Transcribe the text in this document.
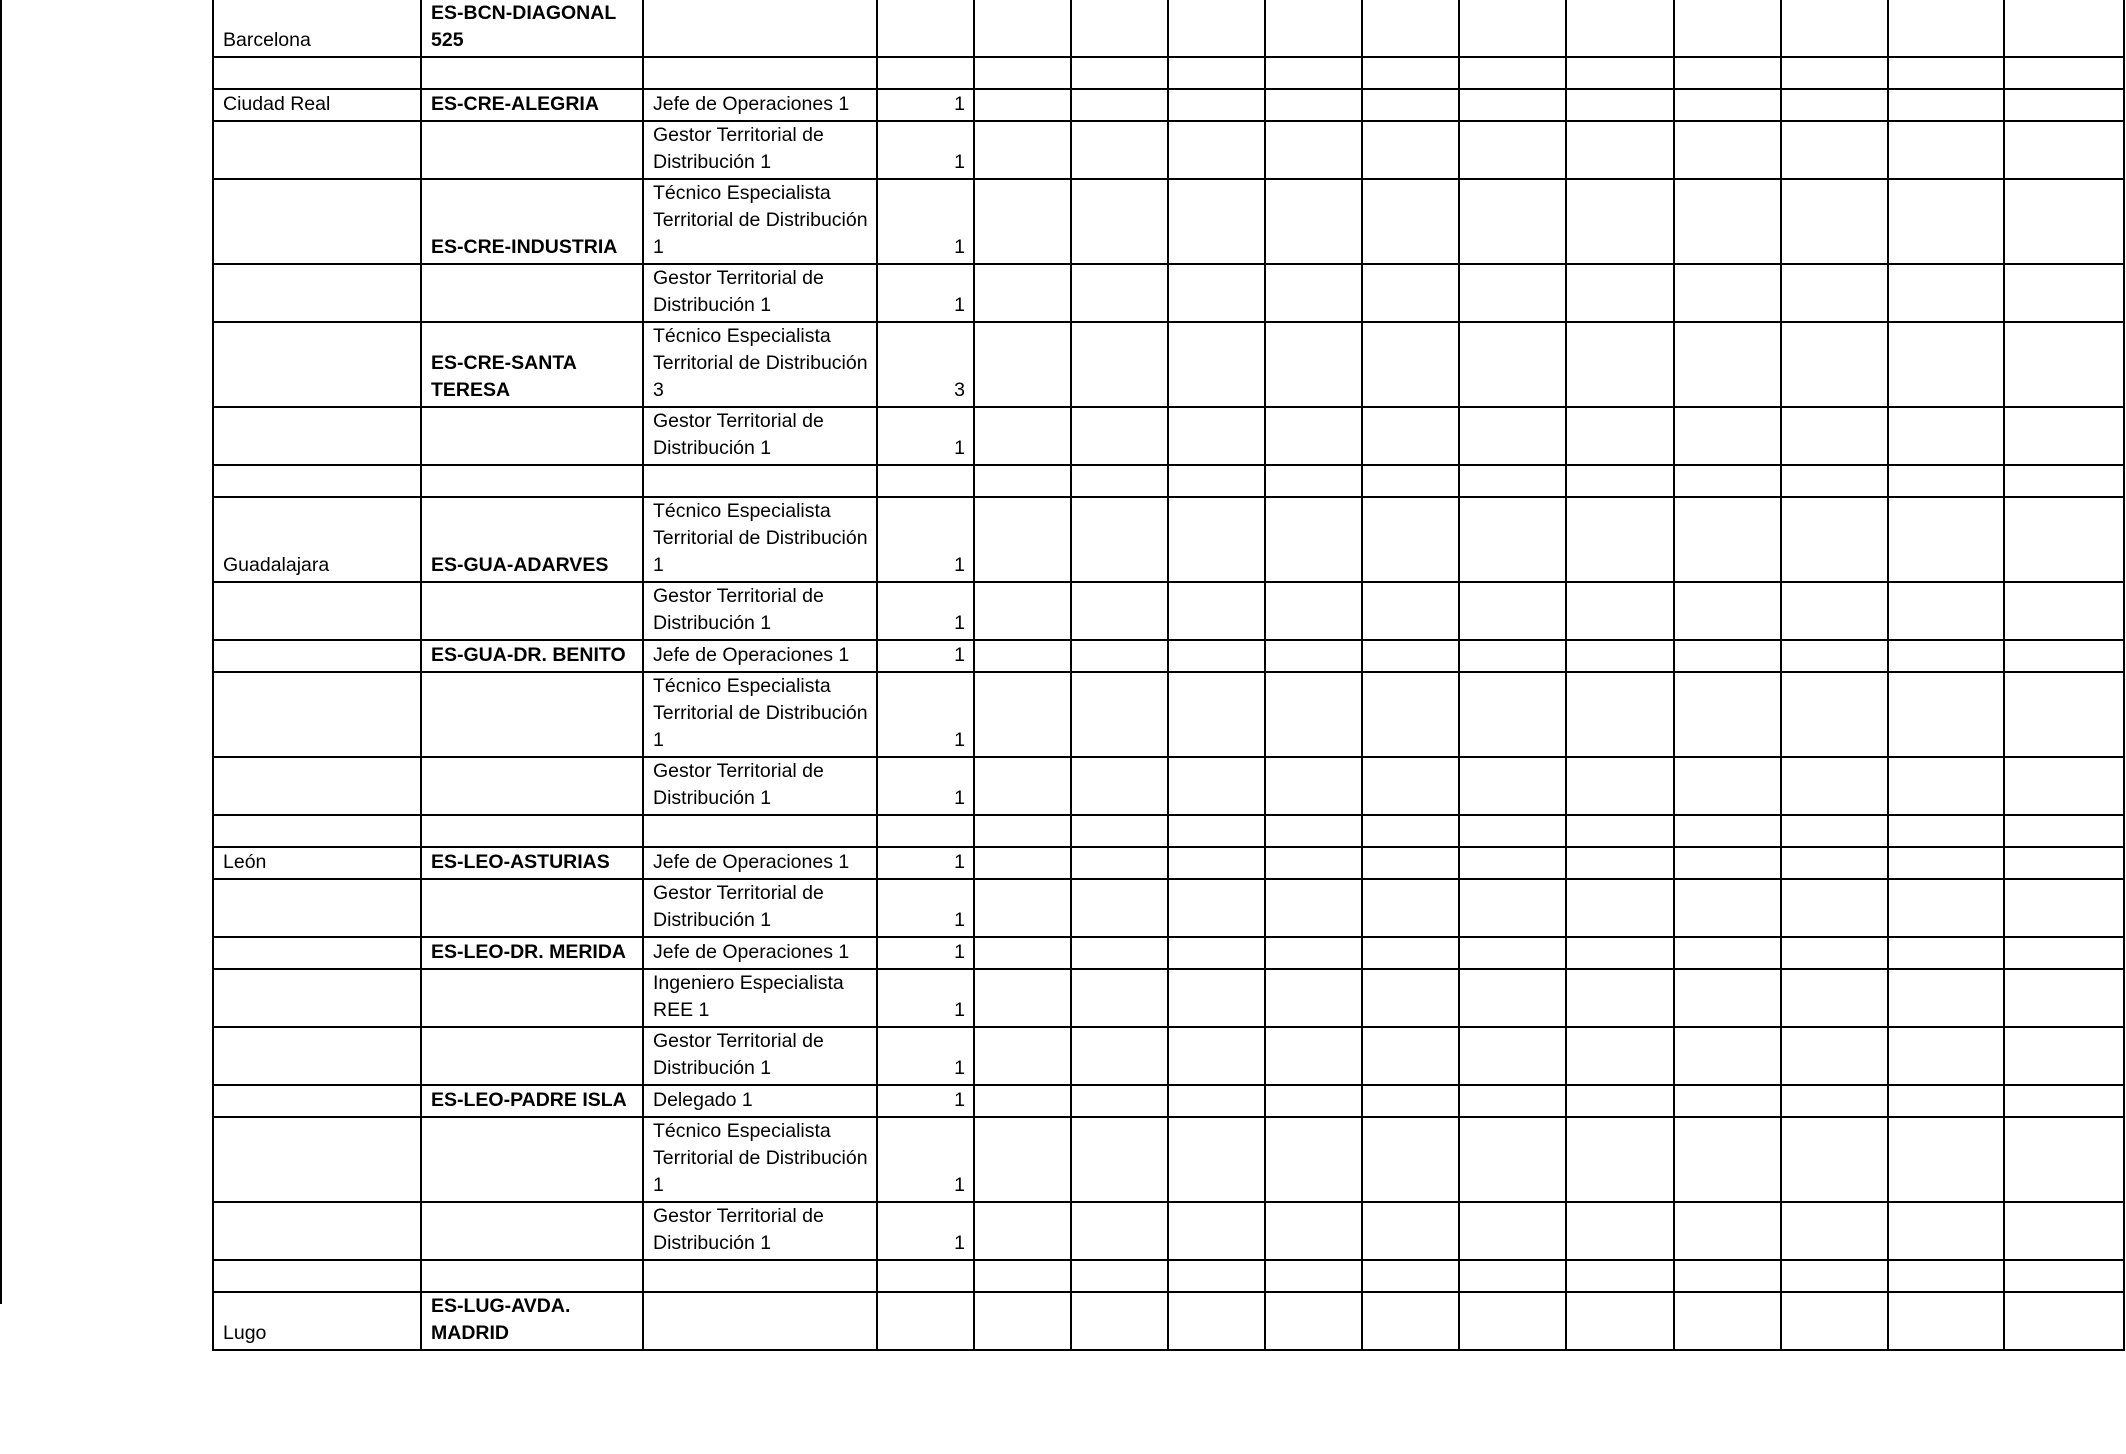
Barcelona	ES-BCN-DIAGONAL 525													

Ciudad Real	ES-CRE-ALEGRIA	Jefe de Operaciones 1	1											
		Gestor Territorial de Distribución 1	1											
	ES-CRE-INDUSTRIA	Técnico Especialista Territorial de Distribución 1	1											
		Gestor Territorial de Distribución 1	1											
	ES-CRE-SANTA TERESA	Técnico Especialista Territorial de Distribución 3	3											
		Gestor Territorial de Distribución 1	1											

Guadalajara	ES-GUA-ADARVES	Técnico Especialista Territorial de Distribución 1	1											
		Gestor Territorial de Distribución 1	1											
	ES-GUA-DR. BENITO	Jefe de Operaciones 1	1											
		Técnico Especialista Territorial de Distribución 1	1											
		Gestor Territorial de Distribución 1	1											

León	ES-LEO-ASTURIAS	Jefe de Operaciones 1	1											
		Gestor Territorial de Distribución 1	1											
	ES-LEO-DR. MERIDA	Jefe de Operaciones 1	1											
		Ingeniero Especialista REE 1	1											
		Gestor Territorial de Distribución 1	1											
	ES-LEO-PADRE ISLA	Delegado 1	1											
		Técnico Especialista Territorial de Distribución 1	1											
		Gestor Territorial de Distribución 1	1											

Lugo	ES-LUG-AVDA. MADRID													
